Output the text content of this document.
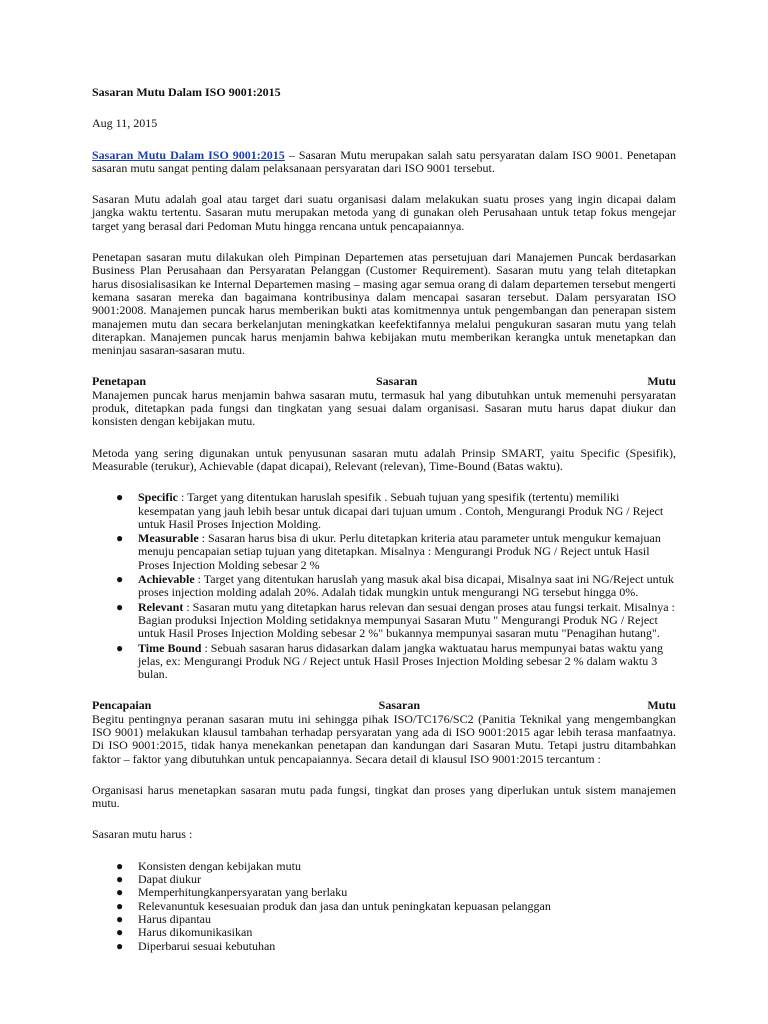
Sasaran Mutu Dalam ISO 9001:2015

Aug 11, 2015

Sasaran Mutu Dalam ISO 9001:2015 – Sasaran Mutu merupakan salah satu persyaratan dalam ISO 9001. Penetapan sasaran mutu sangat penting dalam pelaksanaan persyaratan dari ISO 9001 tersebut.

Sasaran Mutu adalah goal atau target dari suatu organisasi dalam melakukan suatu proses yang ingin dicapai dalam jangka waktu tertentu. Sasaran mutu merupakan metoda yang di gunakan oleh Perusahaan untuk tetap fokus mengejar target yang berasal dari Pedoman Mutu hingga rencana untuk pencapaiannya.

Penetapan sasaran mutu dilakukan oleh Pimpinan Departemen atas persetujuan dari Manajemen Puncak berdasarkan Business Plan Perusahaan dan Persyaratan Pelanggan (Customer Requirement). Sasaran mutu yang telah ditetapkan harus disosialisasikan ke Internal Departemen masing – masing agar semua orang di dalam departemen tersebut mengerti kemana sasaran mereka dan bagaimana kontribusinya dalam mencapai sasaran tersebut. Dalam persyaratan ISO 9001:2008. Manajemen puncak harus memberikan bukti atas komitmennya untuk pengembangan dan penerapan sistem manajemen mutu dan secara berkelanjutan meningkatkan keefektifannya melalui pengukuran sasaran mutu yang telah diterapkan. Manajemen puncak harus menjamin bahwa kebijakan mutu memberikan kerangka untuk menetapkan dan meninjau sasaran-sasaran mutu.

Penetapan	Sasaran	Mutu

Manajemen puncak harus menjamin bahwa sasaran mutu, termasuk hal yang dibutuhkan untuk memenuhi persyaratan produk, ditetapkan pada fungsi dan tingkatan yang sesuai dalam organisasi. Sasaran mutu harus dapat diukur dan konsisten dengan kebijakan mutu.

Metoda yang sering digunakan untuk penyusunan sasaran mutu adalah Prinsip SMART, yaitu Specific (Spesifik), Measurable (terukur), Achievable (dapat dicapai), Relevant (relevan), Time-Bound (Batas waktu).

● Specific : Target yang ditentukan haruslah spesifik . Sebuah tujuan yang spesifik (tertentu) memiliki kesempatan yang jauh lebih besar untuk dicapai dari tujuan umum . Contoh, Mengurangi Produk NG / Reject untuk Hasil Proses Injection Molding.
● Measurable : Sasaran harus bisa di ukur. Perlu ditetapkan kriteria atau parameter untuk mengukur kemajuan menuju pencapaian setiap tujuan yang ditetapkan. Misalnya : Mengurangi Produk NG / Reject untuk Hasil Proses Injection Molding sebesar 2 %
● Achievable : Target yang ditentukan haruslah yang masuk akal bisa dicapai, Misalnya saat ini NG/Reject untuk proses injection molding adalah 20%. Adalah tidak mungkin untuk mengurangi NG tersebut hingga 0%.
● Relevant : Sasaran mutu yang ditetapkan harus relevan dan sesuai dengan proses atau fungsi terkait. Misalnya : Bagian produksi Injection Molding setidaknya mempunyai Sasaran Mutu " Mengurangi Produk NG / Reject untuk Hasil Proses Injection Molding sebesar 2 %" bukannya mempunyai sasaran mutu "Penagihan hutang".
● Time Bound : Sebuah sasaran harus didasarkan dalam jangka waktuatau harus mempunyai batas waktu yang jelas, ex: Mengurangi Produk NG / Reject untuk Hasil Proses Injection Molding sebesar 2 % dalam waktu 3 bulan.
Pencapaian	Sasaran	Mutu

Begitu pentingnya peranan sasaran mutu ini sehingga pihak ISO/TC176/SC2 (Panitia Teknikal yang mengembangkan ISO 9001) melakukan klausul tambahan terhadap persyaratan yang ada di ISO 9001:2015 agar lebih terasa manfaatnya. Di ISO 9001:2015, tidak hanya menekankan penetapan dan kandungan dari Sasaran Mutu. Tetapi justru ditambahkan faktor – faktor yang dibutuhkan untuk pencapaiannya. Secara detail di klausul ISO 9001:2015 tercantum :

Organisasi harus menetapkan sasaran mutu pada fungsi, tingkat dan proses yang diperlukan untuk sistem manajemen mutu.

Sasaran mutu harus :

● Konsisten dengan kebijakan mutu
● Dapat diukur
● Memperhitungkanpersyaratan yang berlaku
● Relevanuntuk kesesuaian produk dan jasa dan untuk peningkatan kepuasan pelanggan
● Harus dipantau
● Harus dikomunikasikan
● Diperbarui sesuai kebutuhan
